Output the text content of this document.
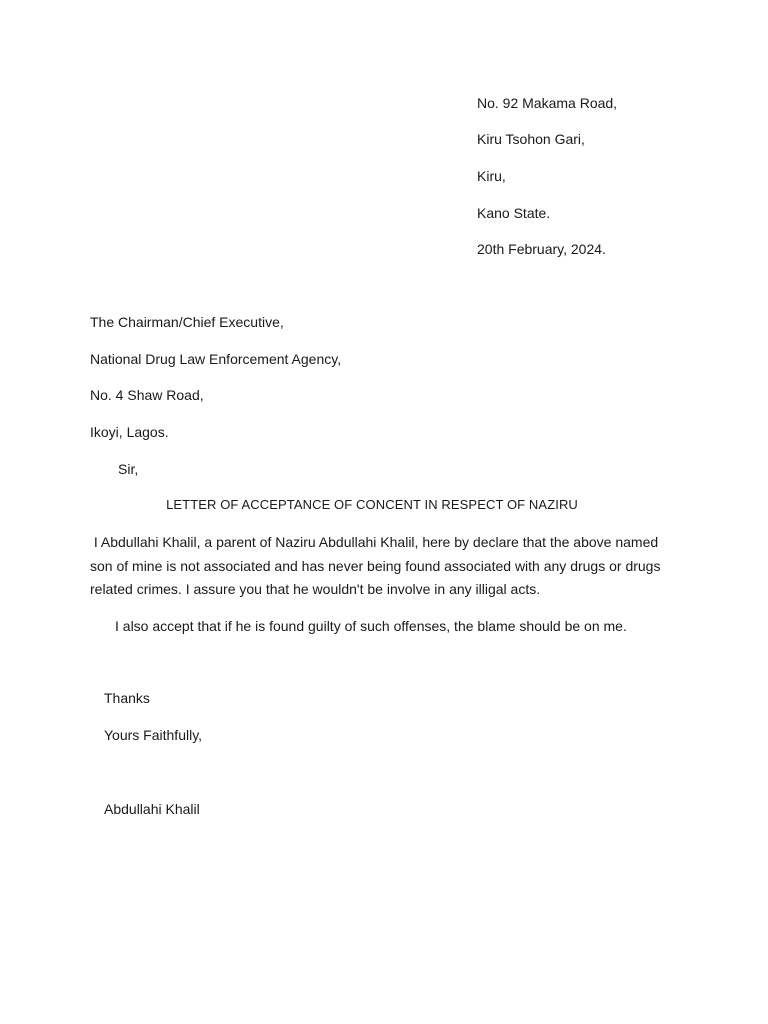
No. 92 Makama Road,
Kiru Tsohon Gari,
Kiru,
Kano State.
20th February, 2024.
The Chairman/Chief Executive,
National Drug Law Enforcement Agency,
No. 4 Shaw Road,
Ikoyi, Lagos.
Sir,
LETTER OF ACCEPTANCE OF CONCENT IN RESPECT OF NAZIRU
I Abdullahi Khalil, a parent of Naziru Abdullahi Khalil, here by declare that the above named
son of mine is not associated and has never being found associated with any drugs or drugs
related crimes. I assure you that he wouldn't be involve in any illigal acts.
I also accept that if he is found guilty of such offenses, the blame should be on me.
Thanks
Yours Faithfully,
Abdullahi Khalil
